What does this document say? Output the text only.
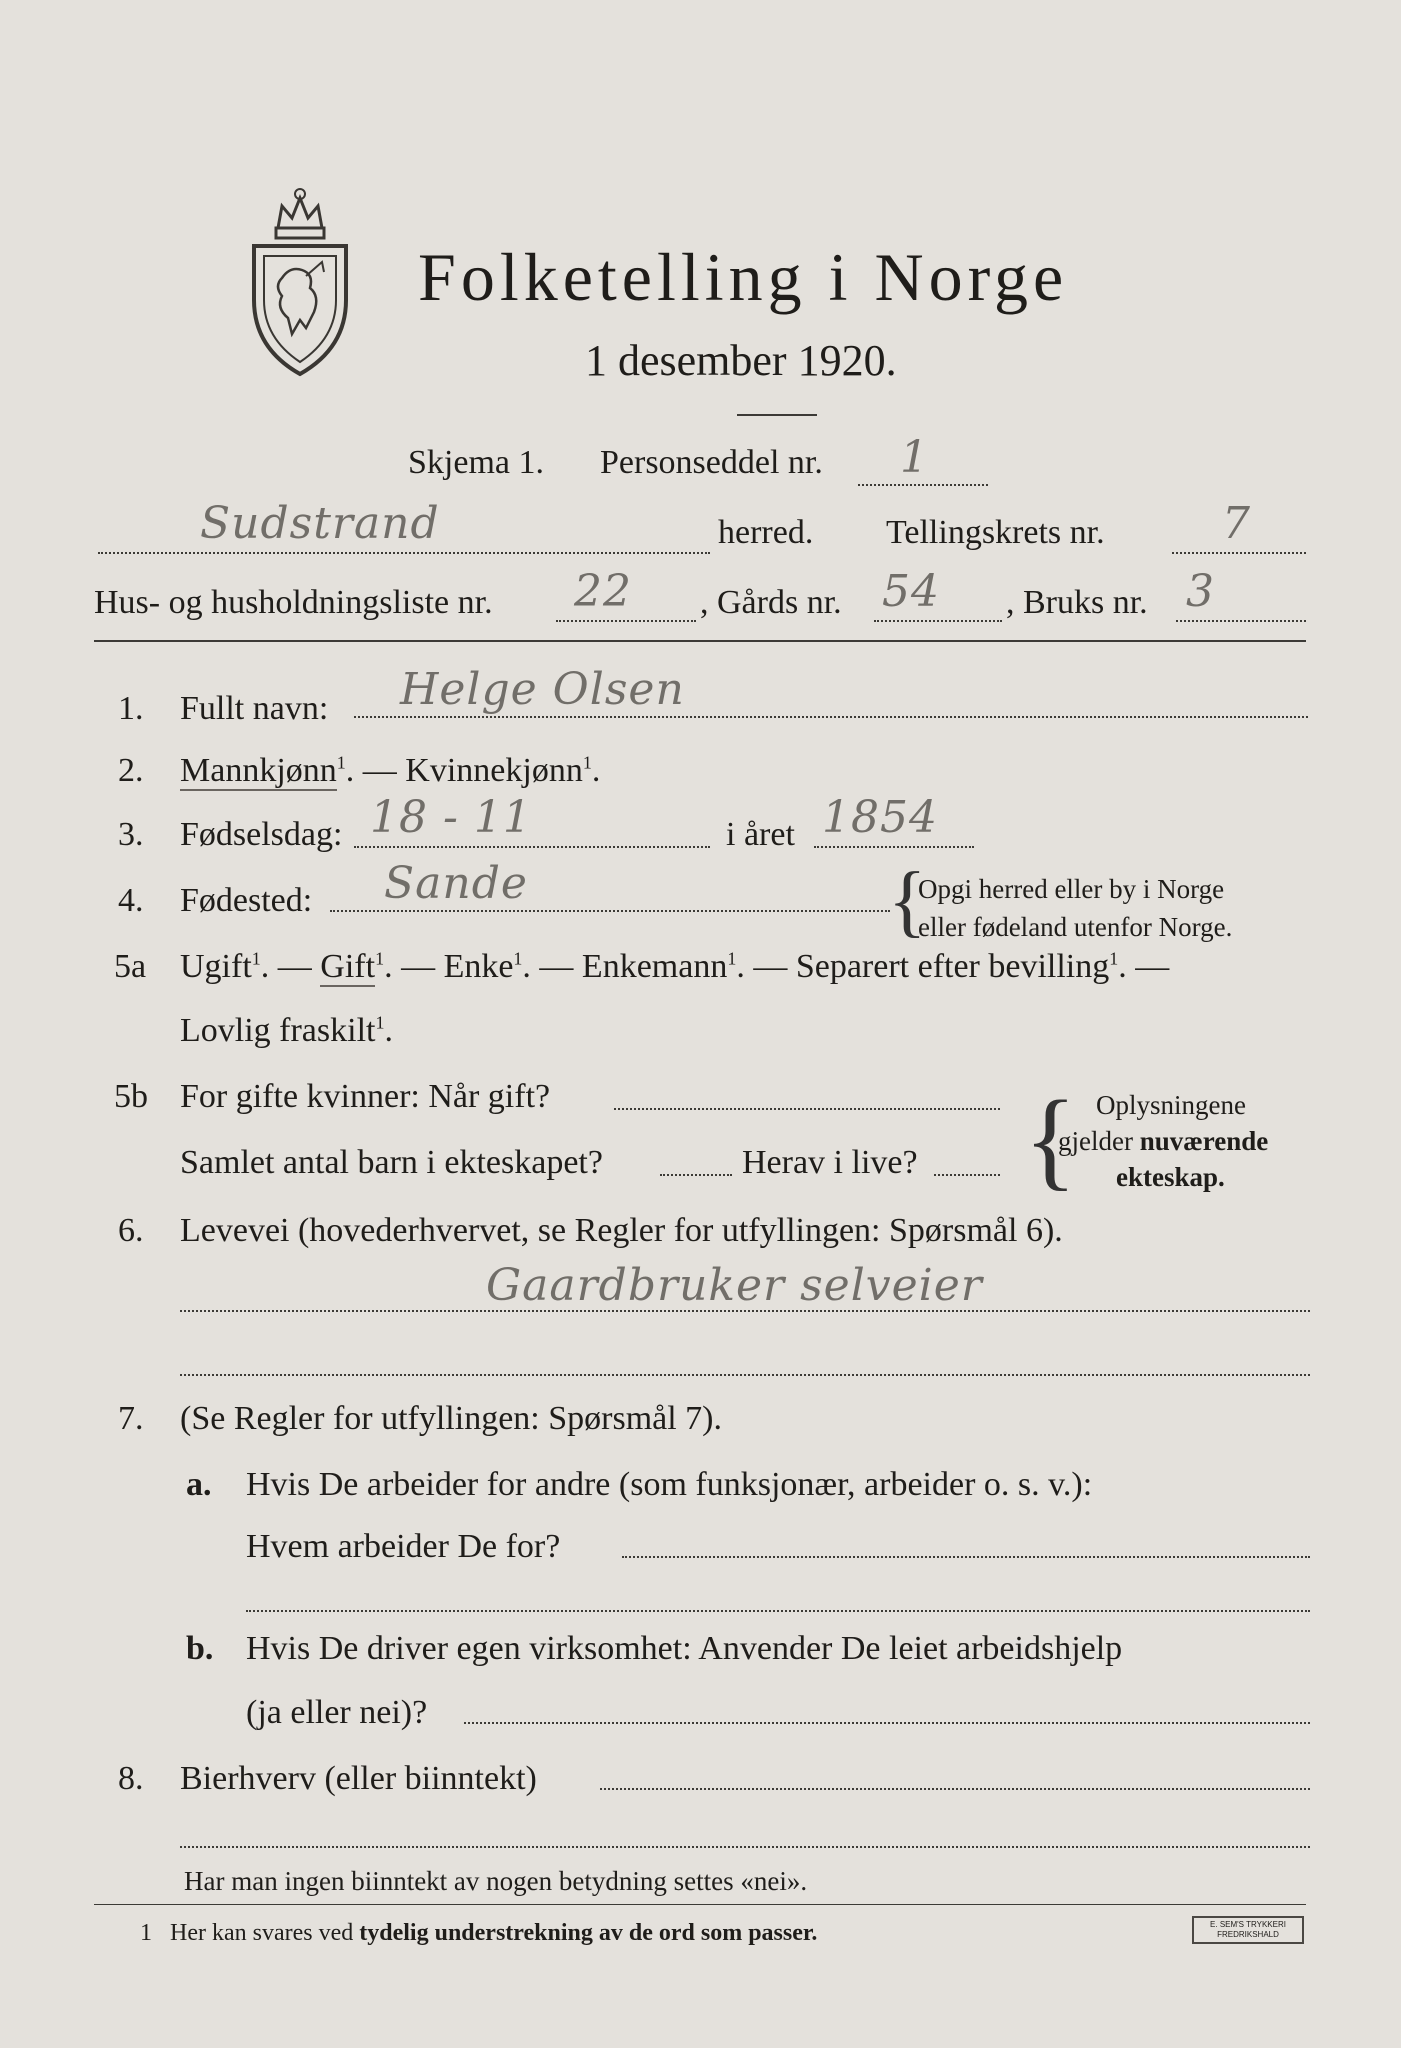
Folketelling i Norge
1 desember 1920.
Skjema 1. Personseddel nr. 1
Sudstrand	herred. Tellingskrets nr.	7
Hus- og husholdningsliste nr. 22 , Gårds nr. 54 , Bruks nr. 3
1. Fullt navn: Helge Olsen
2. Mannkjønn$^1$. — Kvinnekjønn$^1$.
3. Fødselsdag: 18 - 11	i året 1854
4. Fødested: Sande	{
Opgi herred eller by i Norge
eller fødeland utenfor Norge.
5a Ugift$^1$. — Gift$^1$. — Enke$^1$. — Enkemann$^1$. — Separert efter bevilling$^1$. —
Lovlig fraskilt$^1$.
5b For gifte kvinner: Når gift?
Samlet antal barn i ekteskapet?	Herav i live? { Oplysningene
gjelder nuværende
ekteskap.
6. Levevei (hovederhvervet, se Regler for utfyllingen: Spørsmål 6).
Gaardbruker selveier
7. (Se Regler for utfyllingen: Spørsmål 7).
a. Hvis De arbeider for andre (som funksjonær, arbeider o. s. v.):
Hvem arbeider De for?
b. Hvis De driver egen virksomhet: Anvender De leiet arbeidshjelp
(ja eller nei)?
8. Bierhverv (eller biinntekt)
Har man ingen biinntekt av nogen betydning settes «nei».
1 Her kan svares ved tydelig understrekning av de ord som passer.	E. SEM'S TRYKKERI
FREDRIKSHALD
